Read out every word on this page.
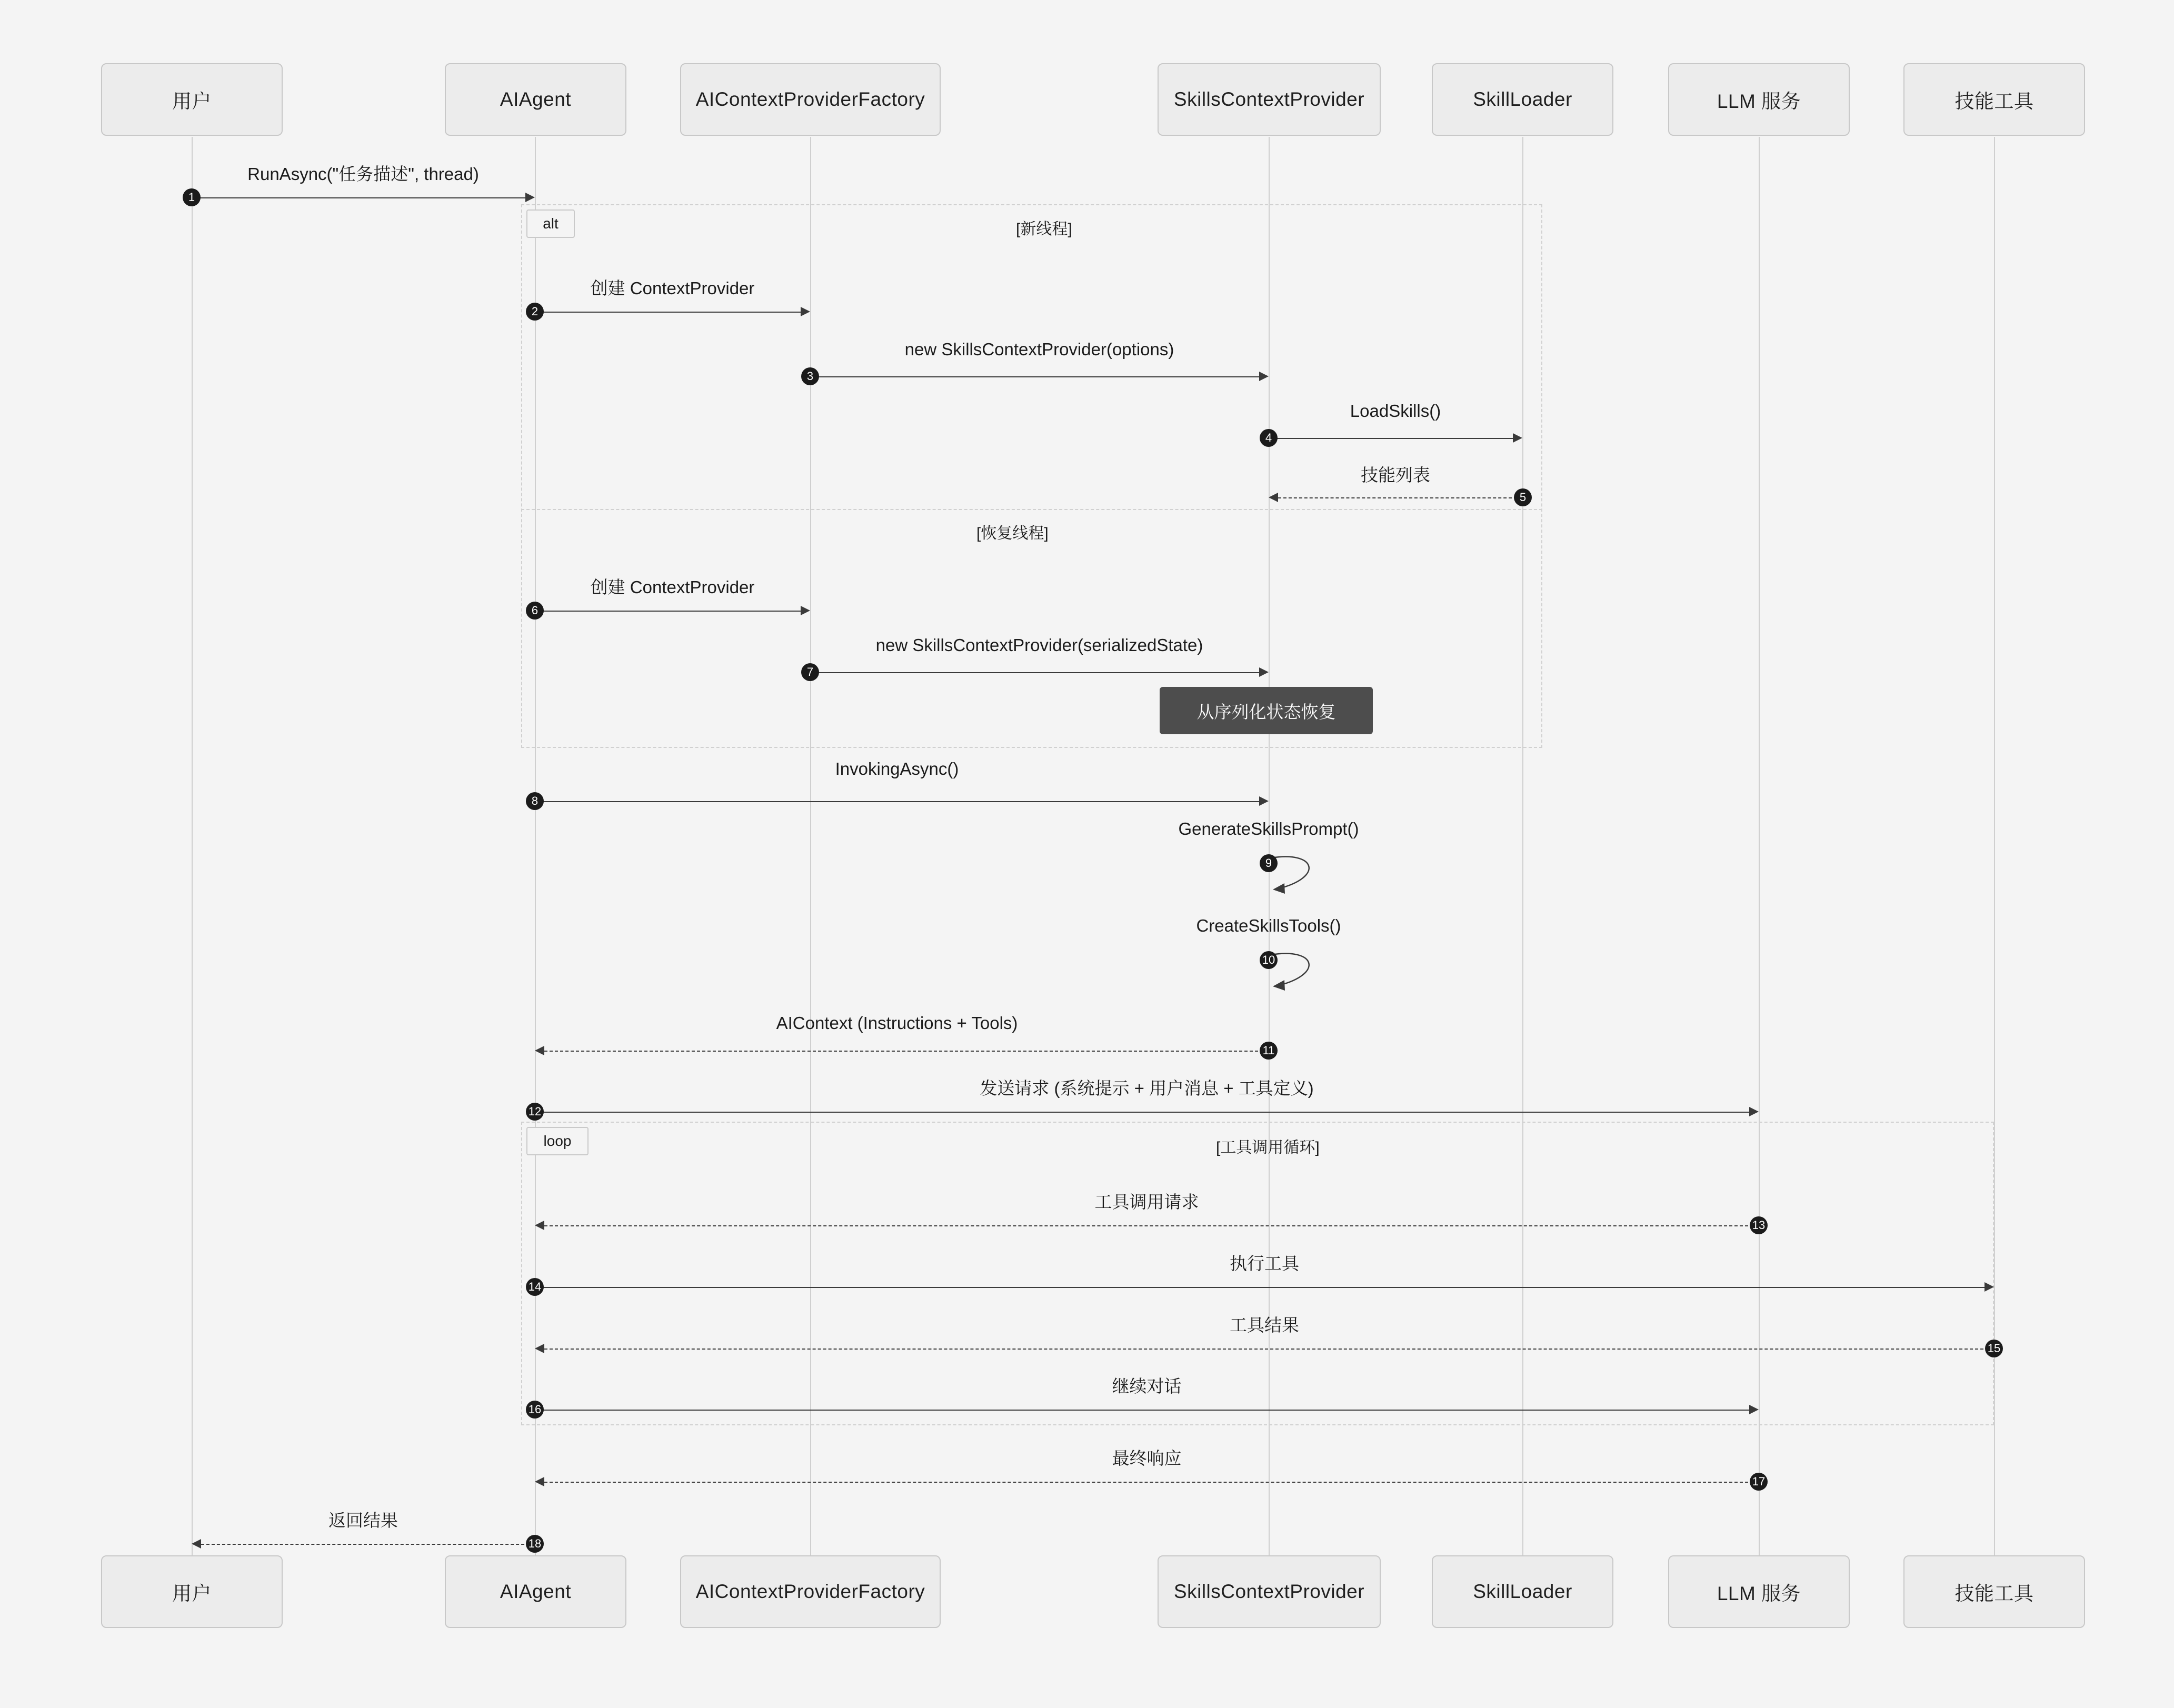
用户	AIAgent	AIContextProviderFactory	SkillsContextProvider	SkillLoader	LLM 服务	技能工具
用户	AIAgent	AIContextProviderFactory	SkillsContextProvider	SkillLoader	LLM 服务	技能工具
alt	[新线程]
[恢复线程]
loop	[工具调用循环]
RunAsync("任务描述", thread)
1
创建 ContextProvider
2
new SkillsContextProvider(options)
3
LoadSkills()
4
技能列表
5
创建 ContextProvider
6
new SkillsContextProvider(serializedState)
7
从序列化状态恢复
InvokingAsync()
8
GenerateSkillsPrompt()
9
CreateSkillsTools()
10
AIContext (Instructions + Tools)
11
发送请求 (系统提示 + 用户消息 + 工具定义)
12
工具调用请求
13
执行工具
14
工具结果
15
继续对话
16
最终响应
17
返回结果
18
